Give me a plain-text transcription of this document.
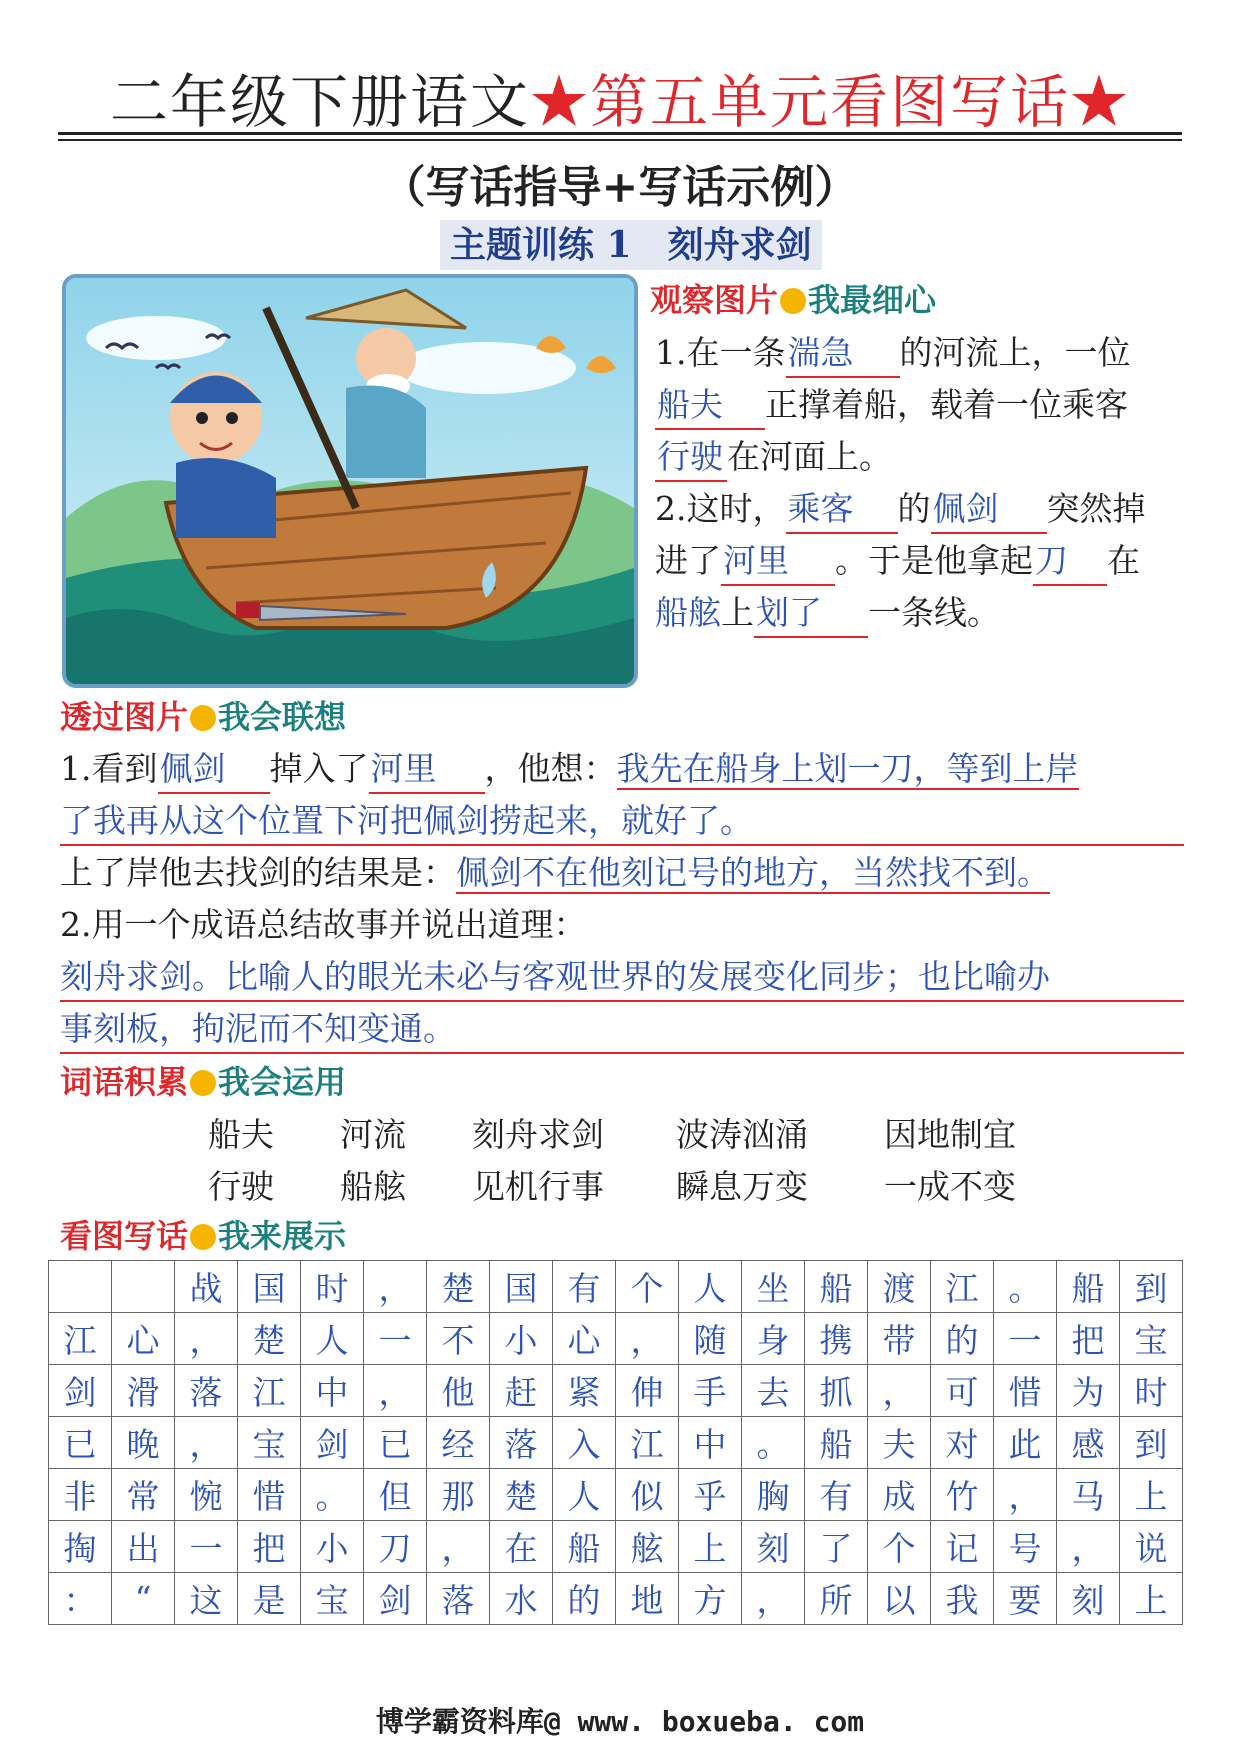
二年级下册语文★第五单元看图写话★
（写话指导+写话示例）
主题训练 1　刻舟求剑
观察图片 我最细心
1.在一条湍急 的河流上，一位
船夫 正撑着船，载着一位乘客
行驶 在河面上。
2.这时，乘客 的佩剑 突然掉
进了河里 。于是他拿起刀 在
船舷上划了 一条线。
透过图片 我会联想
1.看到佩剑 掉入了河里 ，他想：我先在船身上划一刀，等到上岸
了我再从这个位置下河把佩剑捞起来，就好了。
上了岸他去找剑的结果是：佩剑不在他刻记号的地方，当然找不到。
2.用一个成语总结故事并说出道理：
刻舟求剑。比喻人的眼光未必与客观世界的发展变化同步；也比喻办
事刻板，拘泥而不知变通。
词语积累 我会运用
船夫 河流 刻舟求剑 波涛汹涌 因地制宜
行驶 船舷 见机行事 瞬息万变 一成不变
看图写话 我来展示
		战	国	时	，	楚	国	有	个	人	坐	船	渡	江	。	船	到
江	心	，	楚	人	一	不	小	心	，	随	身	携	带	的	一	把	宝
剑	滑	落	江	中	，	他	赶	紧	伸	手	去	抓	，	可	惜	为	时
已	晚	，	宝	剑	已	经	落	入	江	中	。	船	夫	对	此	感	到
非	常	惋	惜	。	但	那	楚	人	似	乎	胸	有	成	竹	，	马	上
掏	出	一	把	小	刀	，	在	船	舷	上	刻	了	个	记	号	，	说
：	“	这	是	宝	剑	落	水	的	地	方	，	所	以	我	要	刻	上
博学霸资料库@ www. boxueba. com
